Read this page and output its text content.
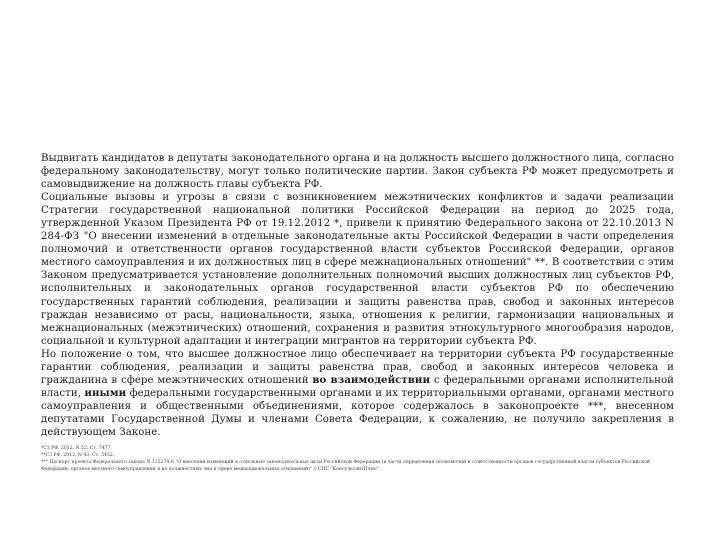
Выдвигать кандидатов в депутаты законодательного органа и на должность высшего должностного лица, согласно федеральному законодательству, могут только политические партии. Закон субъекта РФ может предусмотреть и самовыдвижение на должность главы субъекта РФ.

Социальные вызовы и угрозы в связи с возникновением межэтнических конфликтов и задачи реализации Стратегии государственной национальной политики Российской Федерации на период до 2025 года, утвержденной Указом Президента РФ от 19.12.2012 *, привели к принятию Федерального закона от 22.10.2013 N 284-ФЗ "О внесении изменений в отдельные законодательные акты Российской Федерации в части определения полномочий и ответственности органов государственной власти субъектов Российской Федерации, органов местного самоуправления и их должностных лиц в сфере межнациональных отношений" **. В соответствии с этим Законом предусматривается установление дополнительных полномочий высших должностных лиц субъектов РФ, исполнительных и законодательных органов государственной власти субъектов РФ по обеспечению государственных гарантий соблюдения, реализации и защиты равенства прав, свобод и законных интересов граждан независимо от расы, национальности, языка, отношения к религии, гармонизации национальных и межнациональных (межэтнических) отношений, сохранения и развития этнокультурного многообразия народов, социальной и культурной адаптации и интеграции мигрантов на территории субъекта РФ.

Но положение о том, что высшее должностное лицо обеспечивает на территории субъекта РФ государственные гарантии соблюдения, реализации и защиты равенства прав, свобод и законных интересов человека и гражданина в сфере межэтнических отношений во взаимодействии с федеральными органами исполнительной власти, иными федеральными государственными органами и их территориальными органами, органами местного самоуправления и общественными объединениями, которое содержалось в законопроекте ***, внесенном депутатами Государственной Думы и членами Совета Федерации, к сожалению, не получило закрепления в действующем Законе.

*СЗ РФ. 2012. N 52. Ст. 7477.

**СЗ РФ. 2013. N 43. Ст. 5452.

*** Паспорт проекта Федерального закона N 135274-6 "О внесении изменений в отдельные законодательные акты Российской Федерации (в части определения полномочий и ответственности органов государственной власти субъектов Российской Федерации, органов местного самоуправления и их должностных лиц в сфере межнациональных отношений)" // СПС "КонсультантПлюс".
